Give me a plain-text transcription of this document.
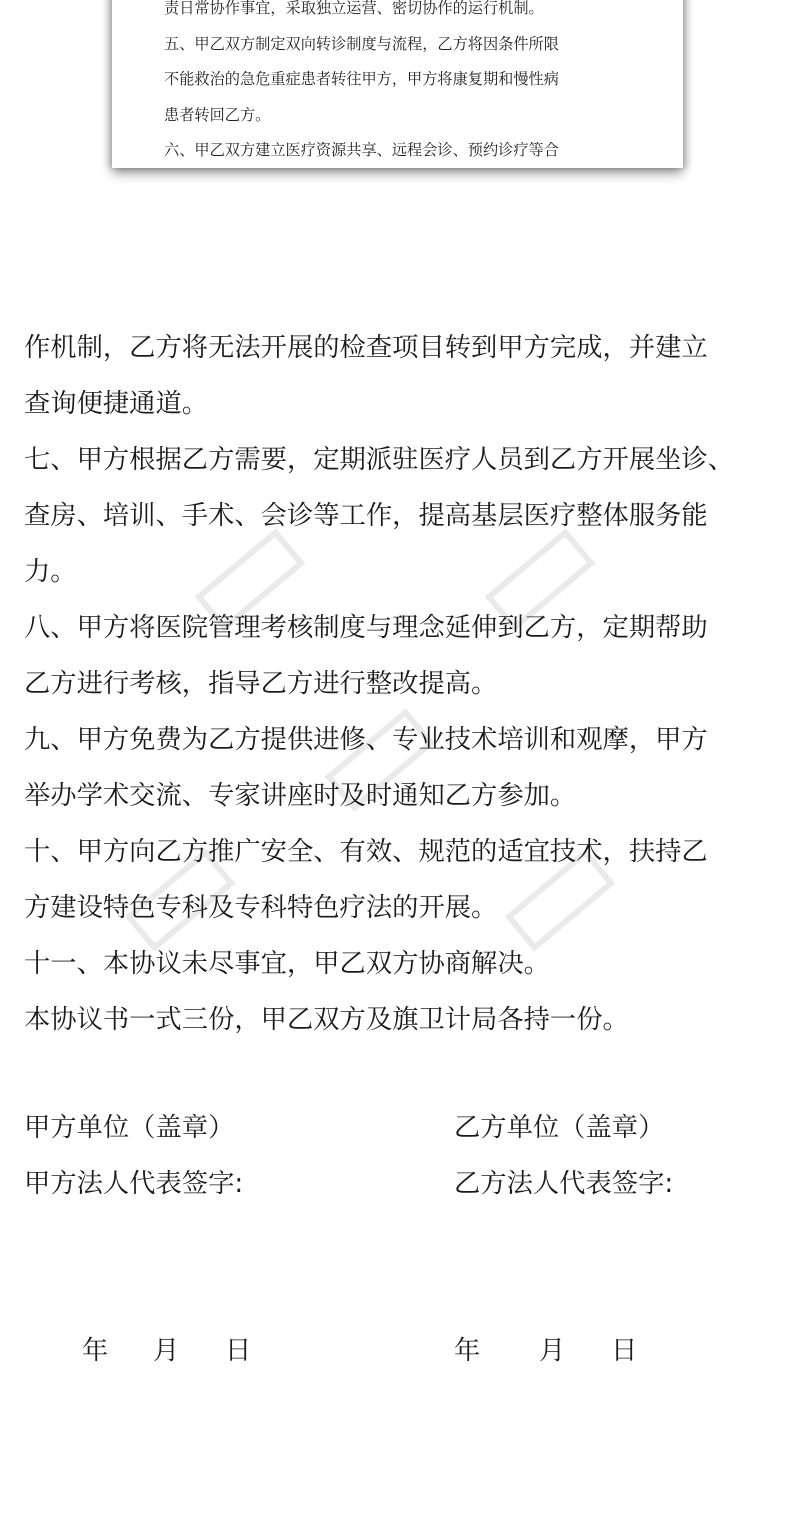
责日常协作事宜，采取独立运营、密切协作的运行机制。
五、甲乙双方制定双向转诊制度与流程，乙方将因条件所限
不能救治的急危重症患者转往甲方，甲方将康复期和慢性病
患者转回乙方。
六、甲乙双方建立医疗资源共享、远程会诊、预约诊疗等合
作机制，乙方将无法开展的检查项目转到甲方完成，并建立
查询便捷通道。
七、甲方根据乙方需要，定期派驻医疗人员到乙方开展坐诊、
查房、培训、手术、会诊等工作，提高基层医疗整体服务能
力。
八、甲方将医院管理考核制度与理念延伸到乙方，定期帮助
乙方进行考核，指导乙方进行整改提高。
九、甲方免费为乙方提供进修、专业技术培训和观摩，甲方
举办学术交流、专家讲座时及时通知乙方参加。
十、甲方向乙方推广安全、有效、规范的适宜技术，扶持乙
方建设特色专科及专科特色疗法的开展。
十一、本协议未尽事宜，甲乙双方协商解决。
本协议书一式三份，甲乙双方及旗卫计局各持一份。
甲方单位（盖章）	乙方单位（盖章）
甲方法人代表签字:	乙方法人代表签字:
年 月 日	年 月 日
